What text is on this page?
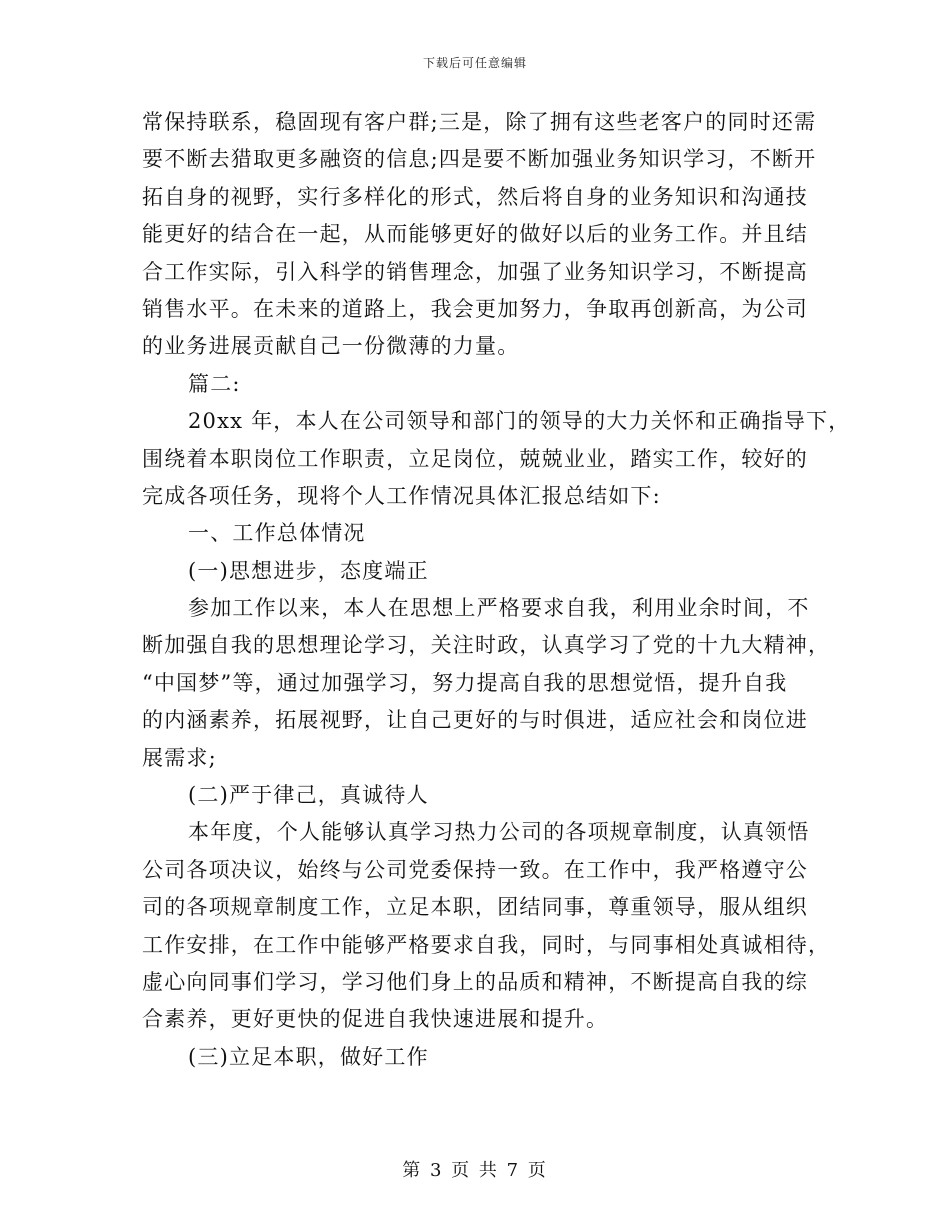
下载后可任意编辑
常保持联系，稳固现有客户群;三是，除了拥有这些老客户的同时还需
要不断去猎取更多融资的信息;四是要不断加强业务知识学习，不断开
拓自身的视野，实行多样化的形式，然后将自身的业务知识和沟通技
能更好的结合在一起，从而能够更好的做好以后的业务工作。并且结
合工作实际，引入科学的销售理念，加强了业务知识学习，不断提高
销售水平。在未来的道路上，我会更加努力，争取再创新高，为公司
的业务进展贡献自己一份微薄的力量。
篇二:
20xx 年，本人在公司领导和部门的领导的大力关怀和正确指导下，
围绕着本职岗位工作职责，立足岗位，兢兢业业，踏实工作，较好的
完成各项任务，现将个人工作情况具体汇报总结如下:
一、工作总体情况
(一)思想进步，态度端正
参加工作以来，本人在思想上严格要求自我，利用业余时间，不
断加强自我的思想理论学习，关注时政，认真学习了党的十九大精神，
“中国梦”等，通过加强学习，努力提高自我的思想觉悟，提升自我
的内涵素养，拓展视野，让自己更好的与时俱进，适应社会和岗位进
展需求;
(二)严于律己，真诚待人
本年度，个人能够认真学习热力公司的各项规章制度，认真领悟
公司各项决议，始终与公司党委保持一致。在工作中，我严格遵守公
司的各项规章制度工作，立足本职，团结同事，尊重领导，服从组织
工作安排，在工作中能够严格要求自我，同时，与同事相处真诚相待，
虚心向同事们学习，学习他们身上的品质和精神，不断提高自我的综
合素养，更好更快的促进自我快速进展和提升。
(三)立足本职，做好工作
第 3 页 共 7 页
